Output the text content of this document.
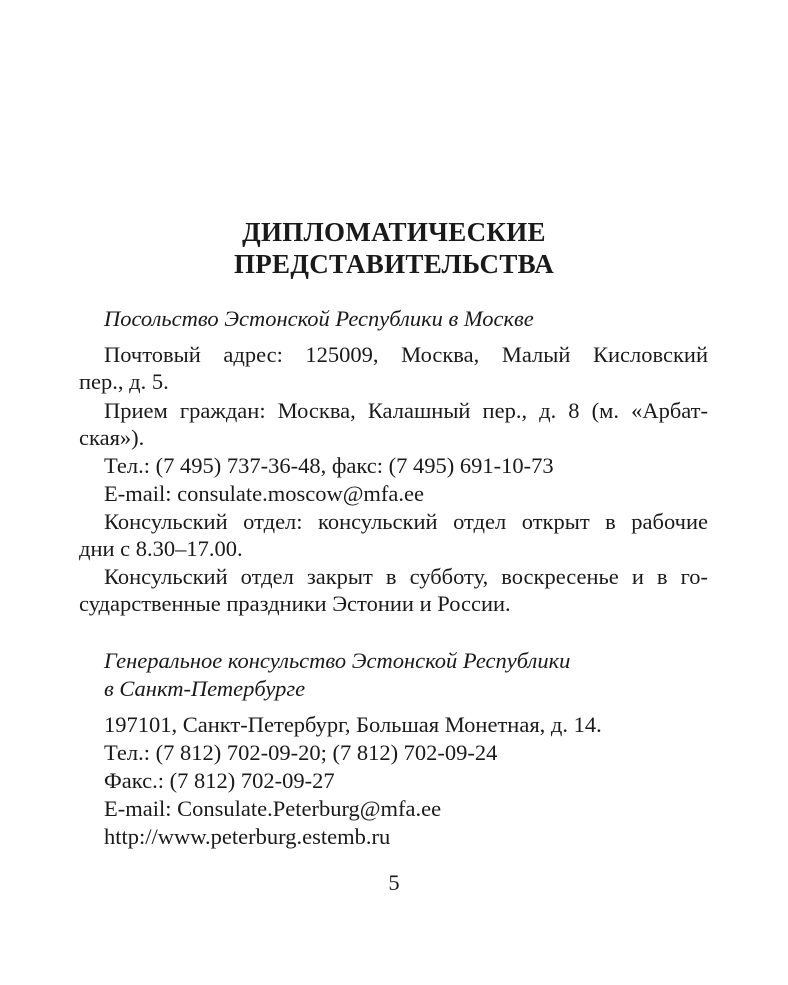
ДИПЛОМАТИЧЕСКИЕ
ПРЕДСТАВИТЕЛЬСТВА
Посольство Эстонской Республики в Москве
Почтовый адрес: 125009, Москва, Малый Кисловский
пер., д. 5.
Прием граждан: Москва, Калашный пер., д. 8 (м. «Арбат-
ская»).
Тел.: (7 495) 737-36-48, факс: (7 495) 691-10-73
E-mail: consulate.moscow@mfa.ee
Консульский отдел: консульский отдел открыт в рабочие
дни с 8.30–17.00.
Консульский отдел закрыт в субботу, воскресенье и в го-
сударственные праздники Эстонии и России.
Генеральное консульство Эстонской Республики
в Санкт-Петербурге
197101, Санкт-Петербург, Большая Монетная, д. 14.
Тел.: (7 812) 702-09-20; (7 812) 702-09-24
Факс.: (7 812) 702-09-27
E-mail: Consulate.Peterburg@mfa.ee
http://www.peterburg.estemb.ru
5
